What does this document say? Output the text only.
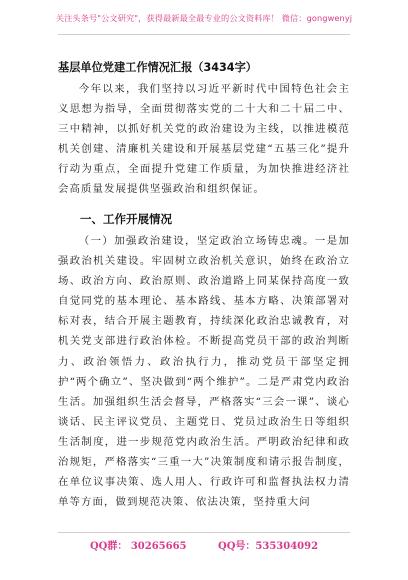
关注头条号"公文研究"，获得最新最全最专业的公文资料库！ 微信：gongwenyj
基层单位党建工作情况汇报（3434字）

今年以来，我们坚持以习近平新时代中国特色社会主义思想为指导，全面贯彻落实党的二十大和二十届二中、三中精神，以抓好机关党的政治建设为主线，以推进模范机关创建、清廉机关建设和开展基层党建“五基三化”提升行动为重点，全面提升党建工作质量，为加快推进经济社会高质量发展提供坚强政治和组织保证。

一、工作开展情况

（一）加强政治建设，坚定政治立场铸忠魂。一是加强政治机关建设。牢固树立政治机关意识，始终在政治立场、政治方向、政治原则、政治道路上同某保持高度一致自觉同党的基本理论、基本路线、基本方略、决策部署对标对表，结合开展主题教育，持续深化政治忠诚教育，对机关党支部进行政治体检。不断提高党员干部的政治判断力、政治领悟力、政治执行力，推动党员干部坚定拥护“两个确立”、坚决做到“两个维护”。二是严肃党内政治生活。加强组织生活会督导，严格落实“三会一课”、谈心谈话、民主评议党员、主题党日、党员过政治生日等组织生活制度，进一步规范党内政治生活。严明政治纪律和政治规矩，严格落实“三重一大”决策制度和请示报告制度，在单位议事决策、选人用人、行政许可和监督执法权力清单等方面，做到规范决策、依法决策，坚持重大问

QQ群： 30265665	QQ号：535304092
